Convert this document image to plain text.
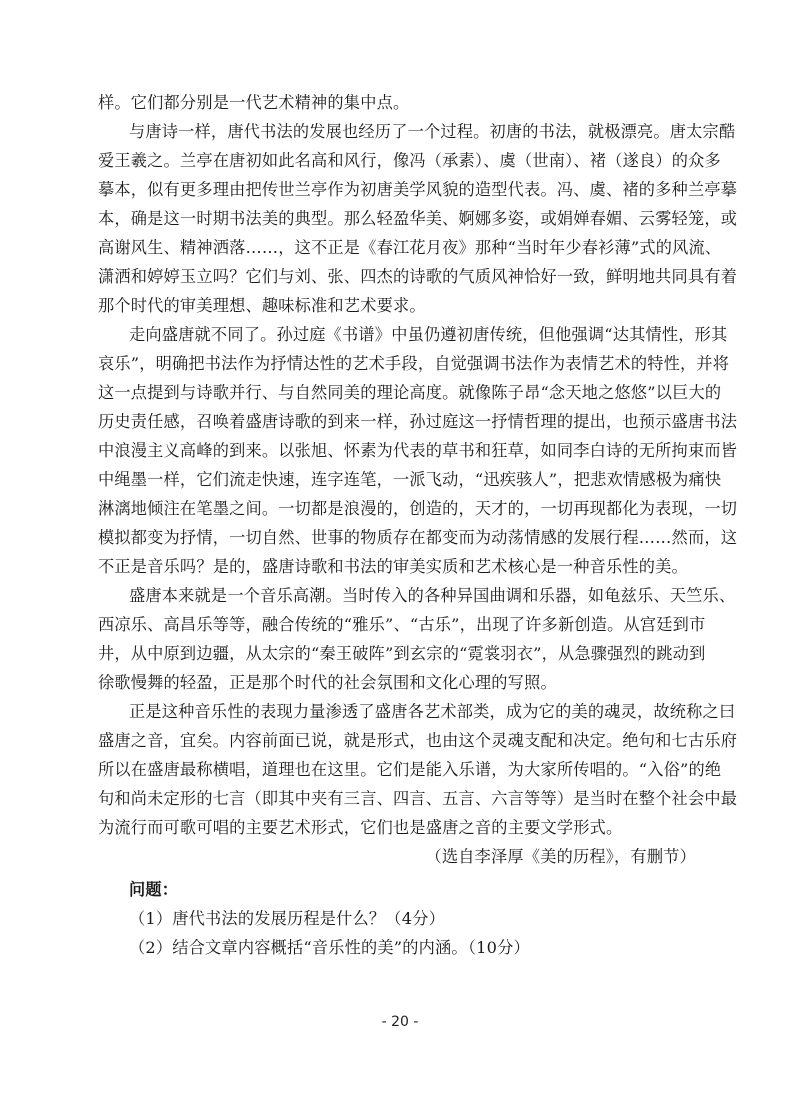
样。它们都分别是一代艺术精神的集中点。
与唐诗一样，唐代书法的发展也经历了一个过程。初唐的书法，就极漂亮。唐太宗酷
爱王羲之。兰亭在唐初如此名高和风行，像冯（承素）、虞（世南）、褚（遂良）的众多
摹本，似有更多理由把传世兰亭作为初唐美学风貌的造型代表。冯、虞、褚的多种兰亭摹
本，确是这一时期书法美的典型。那么轻盈华美、婀娜多姿，或娟婵春媚、云雾轻笼，或
高谢风生、精神洒落……，这不正是《春江花月夜》那种“当时年少春衫薄”式的风流、
潇洒和婷婷玉立吗？它们与刘、张、四杰的诗歌的气质风神恰好一致，鲜明地共同具有着
那个时代的审美理想、趣味标准和艺术要求。
走向盛唐就不同了。孙过庭《书谱》中虽仍遵初唐传统，但他强调“达其情性，形其
哀乐”，明确把书法作为抒情达性的艺术手段，自觉强调书法作为表情艺术的特性，并将
这一点提到与诗歌并行、与自然同美的理论高度。就像陈子昂“念天地之悠悠”以巨大的
历史责任感，召唤着盛唐诗歌的到来一样，孙过庭这一抒情哲理的提出，也预示盛唐书法
中浪漫主义高峰的到来。以张旭、怀素为代表的草书和狂草，如同李白诗的无所拘束而皆
中绳墨一样，它们流走快速，连字连笔，一派飞动，“迅疾骇人”，把悲欢情感极为痛快
淋漓地倾注在笔墨之间。一切都是浪漫的，创造的，天才的，一切再现都化为表现，一切
模拟都变为抒情，一切自然、世事的物质存在都变而为动荡情感的发展行程……然而，这
不正是音乐吗？是的，盛唐诗歌和书法的审美实质和艺术核心是一种音乐性的美。
盛唐本来就是一个音乐高潮。当时传入的各种异国曲调和乐器，如龟兹乐、天竺乐、
西凉乐、高昌乐等等，融合传统的“雅乐”、“古乐”，出现了许多新创造。从宫廷到市
井，从中原到边疆，从太宗的“秦王破阵”到玄宗的“霓裳羽衣”，从急骤强烈的跳动到
徐歌慢舞的轻盈，正是那个时代的社会氛围和文化心理的写照。
正是这种音乐性的表现力量渗透了盛唐各艺术部类，成为它的美的魂灵，故统称之曰
盛唐之音，宜矣。内容前面已说，就是形式，也由这个灵魂支配和决定。绝句和七古乐府
所以在盛唐最称横唱，道理也在这里。它们是能入乐谱，为大家所传唱的。“入俗”的绝
句和尚未定形的七言（即其中夹有三言、四言、五言、六言等等）是当时在整个社会中最
为流行而可歌可唱的主要艺术形式，它们也是盛唐之音的主要文学形式。
（选自李泽厚《美的历程》，有删节）
问题：
（1）唐代书法的发展历程是什么？（4分）
（2）结合文章内容概括“音乐性的美”的内涵。（10分）
- 20 -
